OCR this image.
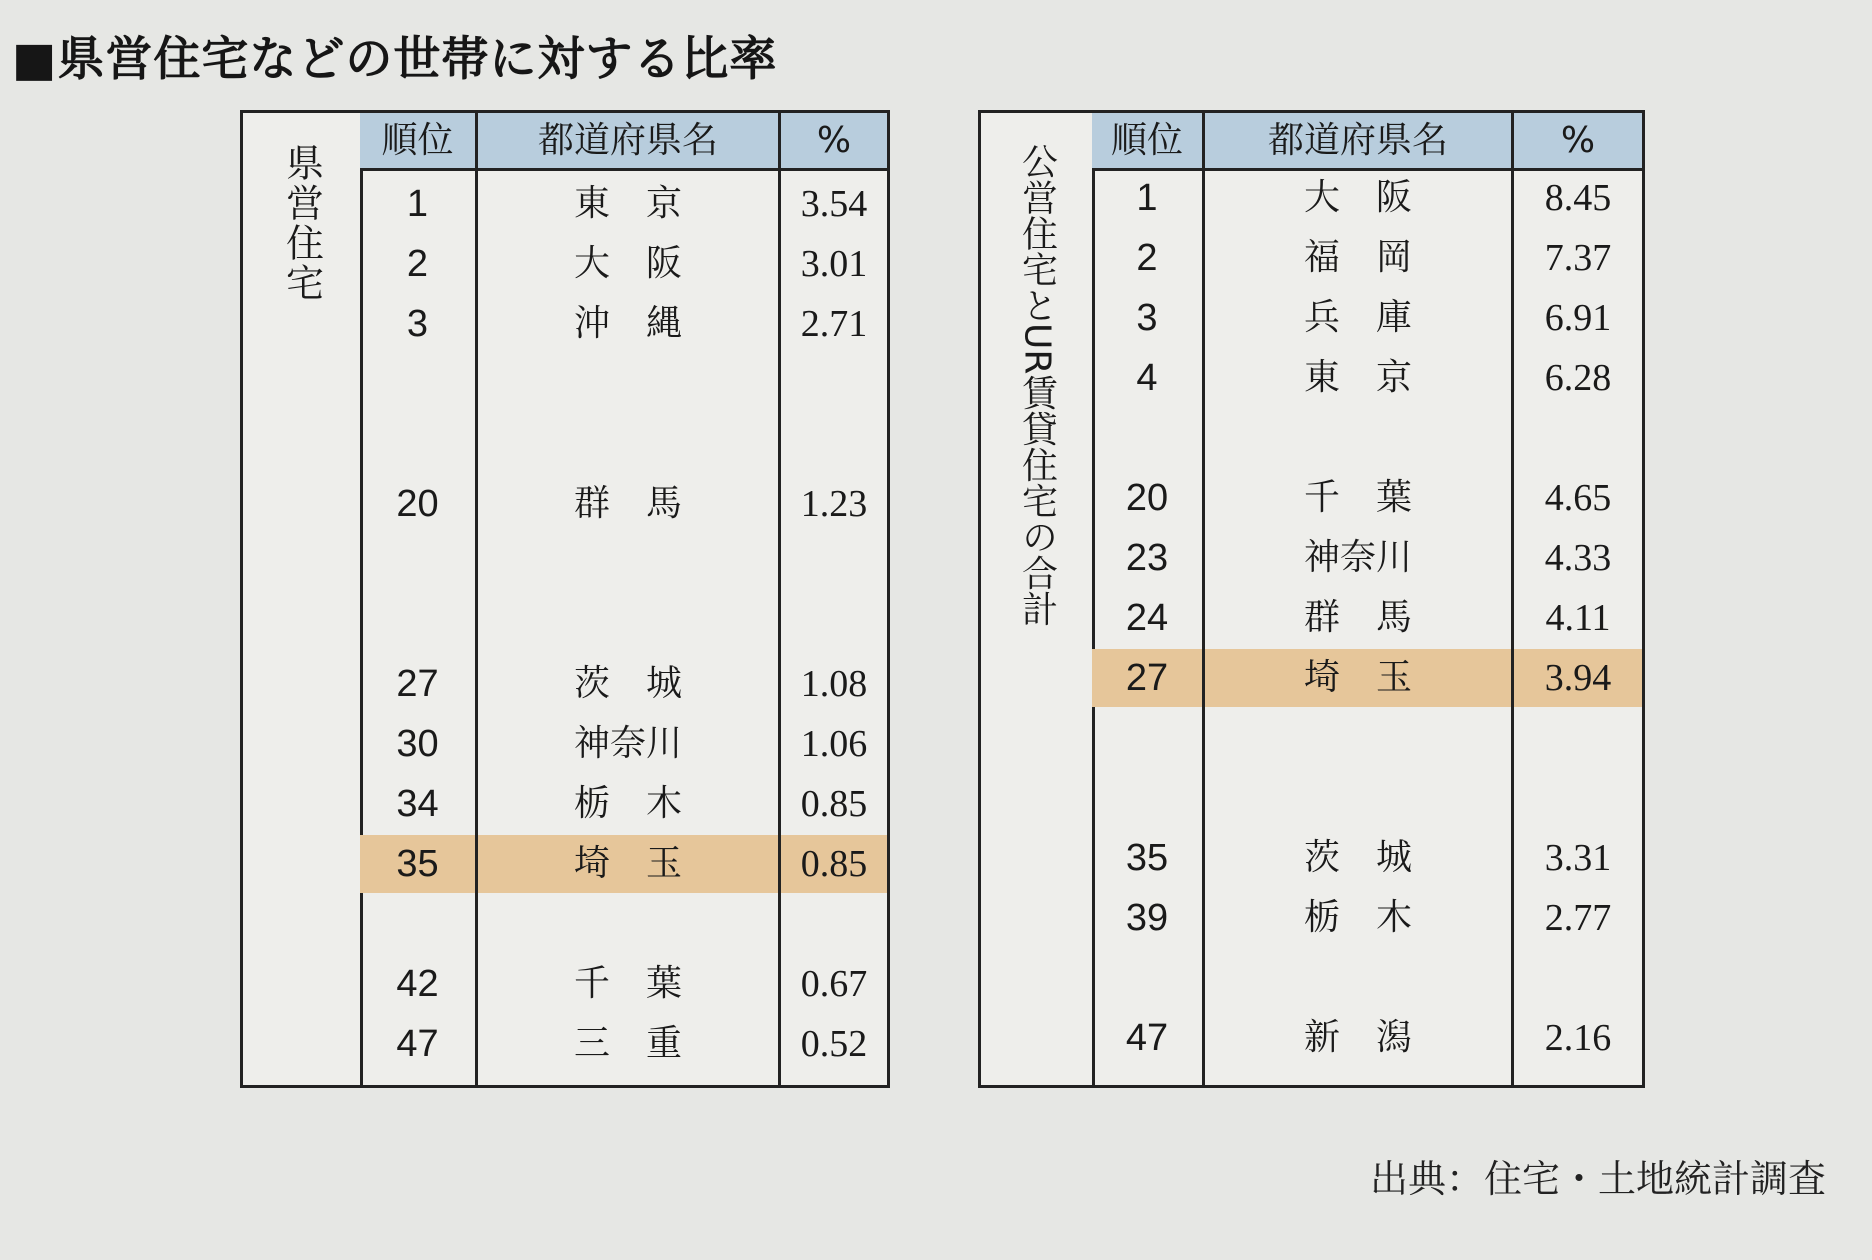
■県営住宅などの世帯に対する比率
県営住宅
順位	都道府県名	%
1	東　京	3.54
2	大　阪	3.01
3	沖　縄	2.71
20	群　馬	1.23
27	茨　城	1.08
30	神奈川	1.06
34	栃　木	0.85
35	埼　玉	0.85
42	千　葉	0.67
47	三　重	0.52
公営住宅とUR賃貸住宅の合計
順位	都道府県名	%
1	大　阪	8.45
2	福　岡	7.37
3	兵　庫	6.91
4	東　京	6.28
20	千　葉	4.65
23	神奈川	4.33
24	群　馬	4.11
27	埼　玉	3.94
35	茨　城	3.31
39	栃　木	2.77
47	新　潟	2.16
出典：住宅・土地統計調査
